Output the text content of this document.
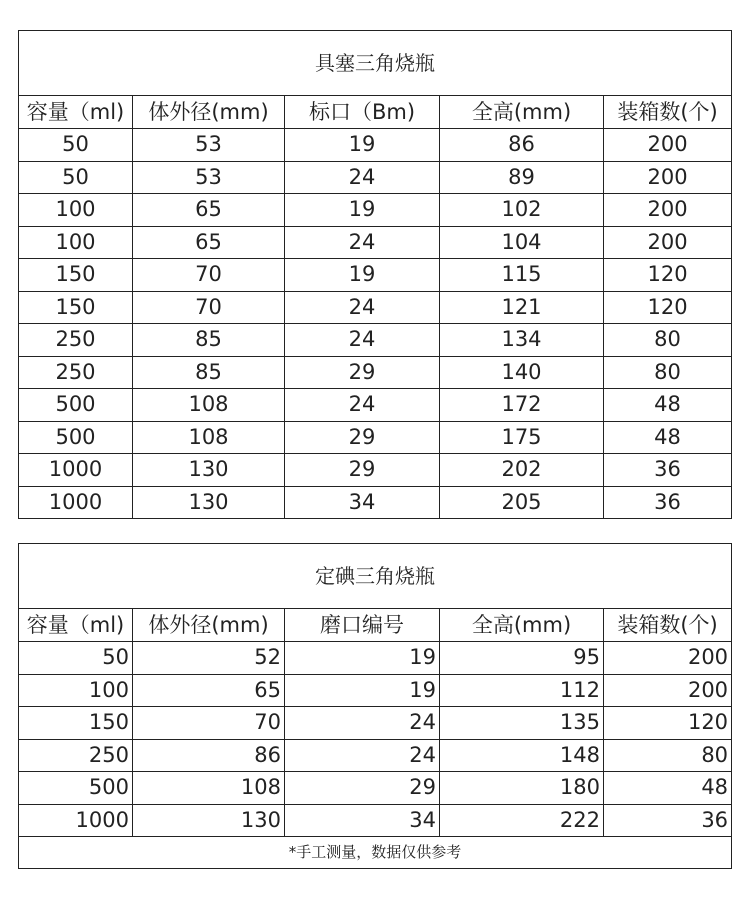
具塞三角烧瓶				
容量（ml)	体外径(mm)	标口（Bm)	全高(mm)	装箱数(个)
50	53	19	86	200
50	53	24	89	200
100	65	19	102	200
100	65	24	104	200
150	70	19	115	120
150	70	24	121	120
250	85	24	134	80
250	85	29	140	80
500	108	24	172	48
500	108	29	175	48
1000	130	29	202	36
1000	130	34	205	36
定碘三角烧瓶				
容量（ml)	体外径(mm)	磨口编号	全高(mm)	装箱数(个)
50	52	19	95	200
100	65	19	112	200
150	70	24	135	120
250	86	24	148	80
500	108	29	180	48
1000	130	34	222	36
*手工测量，数据仅供参考				
